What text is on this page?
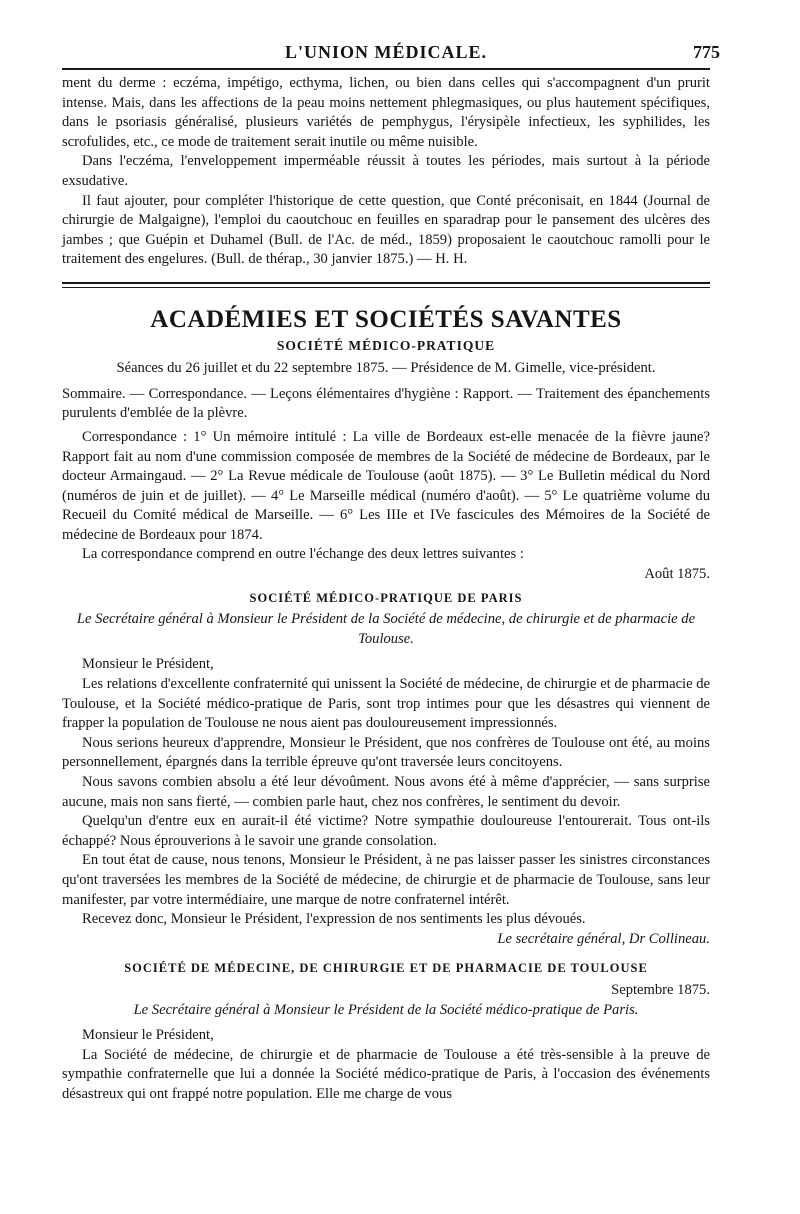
L'UNION MÉDICALE.	775

ment du derme : eczéma, impétigo, ecthyma, lichen, ou bien dans celles qui s'accompagnent d'un prurit intense. Mais, dans les affections de la peau moins nettement phlegmasiques, ou plus hautement spécifiques, dans le psoriasis généralisé, plusieurs variétés de pemphygus, l'érysipèle infectieux, les syphilides, les scrofulides, etc., ce mode de traitement serait inutile ou même nuisible.

Dans l'eczéma, l'enveloppement imperméable réussit à toutes les périodes, mais surtout à la période exsudative.

Il faut ajouter, pour compléter l'historique de cette question, que Conté préconisait, en 1844 (Journal de chirurgie de Malgaigne), l'emploi du caoutchouc en feuilles en sparadrap pour le pansement des ulcères des jambes ; que Guépin et Duhamel (Bull. de l'Ac. de méd., 1859) proposaient le caoutchouc ramolli pour le traitement des engelures. (Bull. de thérap., 30 janvier 1875.) — H. H.

ACADÉMIES ET SOCIÉTÉS SAVANTES
SOCIÉTÉ MÉDICO-PRATIQUE

Séances du 26 juillet et du 22 septembre 1875. — Présidence de M. Gimelle, vice-président.

Sommaire. — Correspondance. — Leçons élémentaires d'hygiène : Rapport. — Traitement des épanchements purulents d'emblée de la plèvre.

Correspondance : 1° Un mémoire intitulé : La ville de Bordeaux est-elle menacée de la fièvre jaune? Rapport fait au nom d'une commission composée de membres de la Société de médecine de Bordeaux, par le docteur Armaingaud. — 2° La Revue médicale de Toulouse (août 1875). — 3° Le Bulletin médical du Nord (numéros de juin et de juillet). — 4° Le Marseille médical (numéro d'août). — 5° Le quatrième volume du Recueil du Comité médical de Marseille. — 6° Les IIIe et IVe fascicules des Mémoires de la Société de médecine de Bordeaux pour 1874.

La correspondance comprend en outre l'échange des deux lettres suivantes :

Août 1875.

SOCIÉTÉ MÉDICO-PRATIQUE DE PARIS

Le Secrétaire général à Monsieur le Président de la Société de médecine, de chirurgie et de pharmacie de Toulouse.

Monsieur le Président,

Les relations d'excellente confraternité qui unissent la Société de médecine, de chirurgie et de pharmacie de Toulouse, et la Société médico-pratique de Paris, sont trop intimes pour que les désastres qui viennent de frapper la population de Toulouse ne nous aient pas douloureusement impressionnés.

Nous serions heureux d'apprendre, Monsieur le Président, que nos confrères de Toulouse ont été, au moins personnellement, épargnés dans la terrible épreuve qu'ont traversée leurs concitoyens.

Nous savons combien absolu a été leur dévoûment. Nous avons été à même d'apprécier, — sans surprise aucune, mais non sans fierté, — combien parle haut, chez nos confrères, le sentiment du devoir.

Quelqu'un d'entre eux en aurait-il été victime? Notre sympathie douloureuse l'entourerait. Tous ont-ils échappé? Nous éprouverions à le savoir une grande consolation.

En tout état de cause, nous tenons, Monsieur le Président, à ne pas laisser passer les sinistres circonstances qu'ont traversées les membres de la Société de médecine, de chirurgie et de pharmacie de Toulouse, sans leur manifester, par votre intermédiaire, une marque de notre confraternel intérêt.

Recevez donc, Monsieur le Président, l'expression de nos sentiments les plus dévoués.

Le secrétaire général, Dr Collineau.

SOCIÉTÉ DE MÉDECINE, DE CHIRURGIE ET DE PHARMACIE DE TOULOUSE

Septembre 1875.

Le Secrétaire général à Monsieur le Président de la Société médico-pratique de Paris.

Monsieur le Président,

La Société de médecine, de chirurgie et de pharmacie de Toulouse a été très-sensible à la preuve de sympathie confraternelle que lui a donnée la Société médico-pratique de Paris, à l'occasion des événements désastreux qui ont frappé notre population. Elle me charge de vous
